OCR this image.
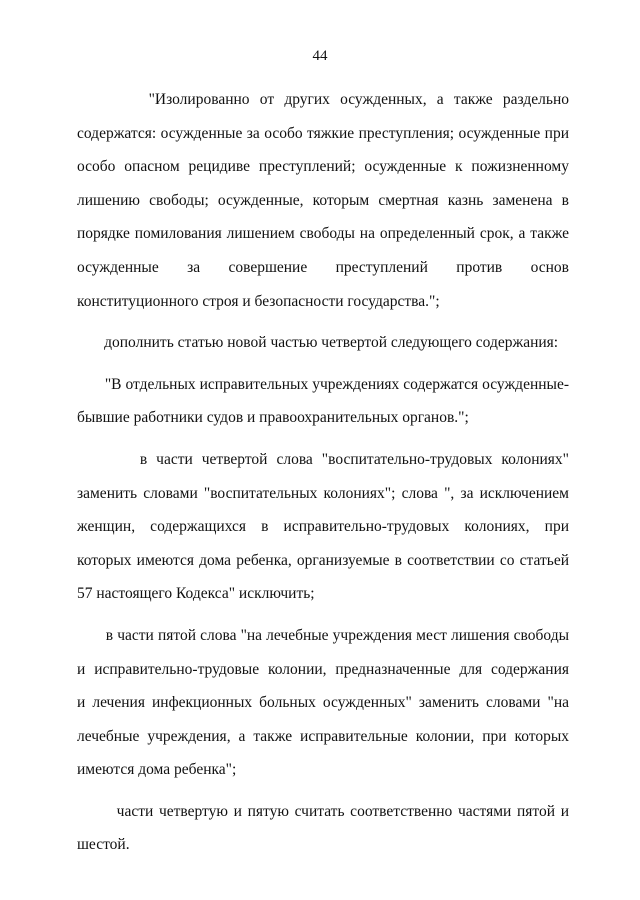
44
"Изолированно от других осужденных, а также раздельно
содержатся: осужденные за особо тяжкие преступления; осужденные при
особо опасном рецидиве преступлений; осужденные к пожизненному
лишению свободы; осужденные, которым смертная казнь заменена в
порядке помилования лишением свободы на определенный срок, а также
осужденные за совершение преступлений против основ
конституционного строя и безопасности государства.";
дополнить статью новой частью четвертой следующего содержания:
"В отдельных исправительных учреждениях содержатся осужденные-
бывшие работники судов и правоохранительных органов.";
в части четвертой слова "воспитательно-трудовых колониях"
заменить словами "воспитательных колониях"; слова ", за исключением
женщин, содержащихся в исправительно-трудовых колониях, при
которых имеются дома ребенка, организуемые в соответствии со статьей
57 настоящего Кодекса" исключить;
в части пятой слова "на лечебные учреждения мест лишения свободы
и исправительно-трудовые колонии, предназначенные для содержания
и лечения инфекционных больных осужденных" заменить словами "на
лечебные учреждения, а также исправительные колонии, при которых
имеются дома ребенка";
части четвертую и пятую считать соответственно частями пятой и
шестой.
